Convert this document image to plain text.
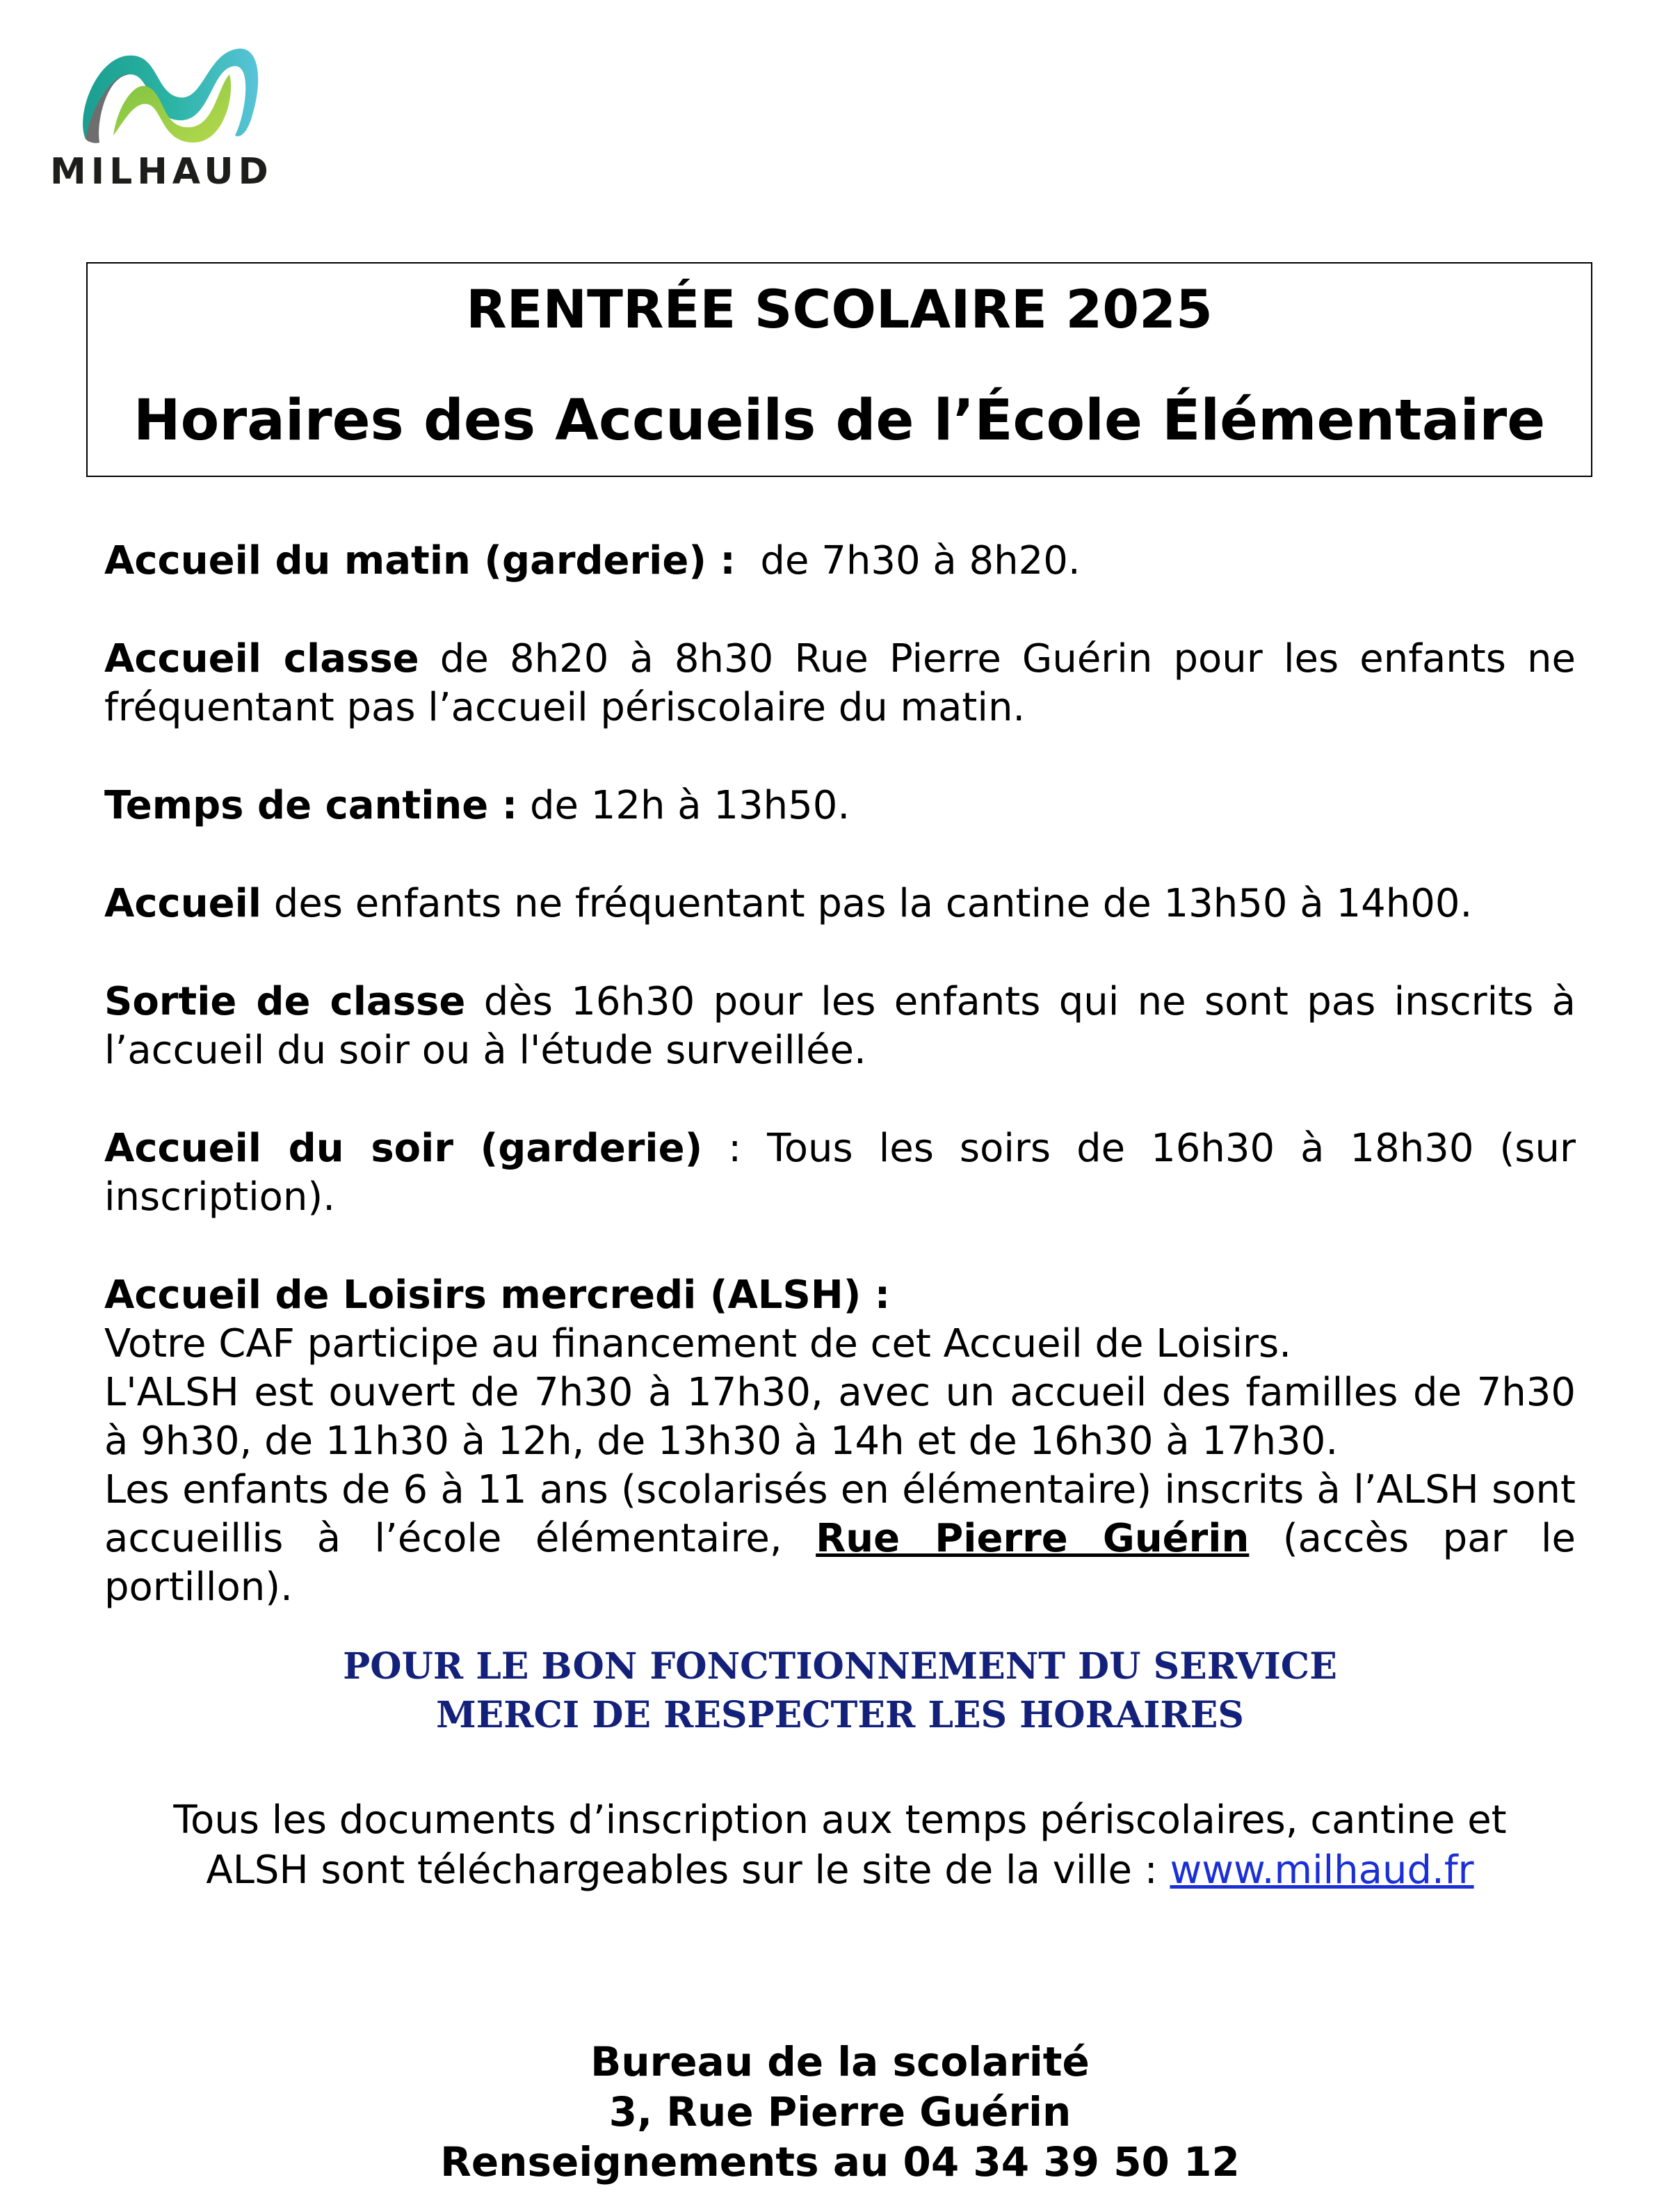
MILHAUD
RENTRÉE SCOLAIRE 2025
Horaires des Accueils de l’École Élémentaire

Accueil du matin (garderie) : de 7h30 à 8h20.

Accueil classe de 8h20 à 8h30 Rue Pierre Guérin pour les enfants ne fréquentant pas l’accueil périscolaire du matin.

Temps de cantine : de 12h à 13h50.

Accueil des enfants ne fréquentant pas la cantine de 13h50 à 14h00.

Sortie de classe dès 16h30 pour les enfants qui ne sont pas inscrits à l’accueil du soir ou à l'étude surveillée.

Accueil du soir (garderie) : Tous les soirs de 16h30 à 18h30 (sur inscription).

Accueil de Loisirs mercredi (ALSH) :

Votre CAF participe au financement de cet Accueil de Loisirs.

L'ALSH est ouvert de 7h30 à 17h30, avec un accueil des familles de 7h30 à 9h30, de 11h30 à 12h, de 13h30 à 14h et de 16h30 à 17h30.

Les enfants de 6 à 11 ans (scolarisés en élémentaire) inscrits à l’ALSH sont accueillis à l’école élémentaire, Rue Pierre Guérin (accès par le portillon).

POUR LE BON FONCTIONNEMENT DU SERVICE
MERCI DE RESPECTER LES HORAIRES
Tous les documents d’inscription aux temps périscolaires, cantine et
ALSH sont téléchargeables sur le site de la ville : www.milhaud.fr
Bureau de la scolarité
3, Rue Pierre Guérin
Renseignements au 04 34 39 50 12
